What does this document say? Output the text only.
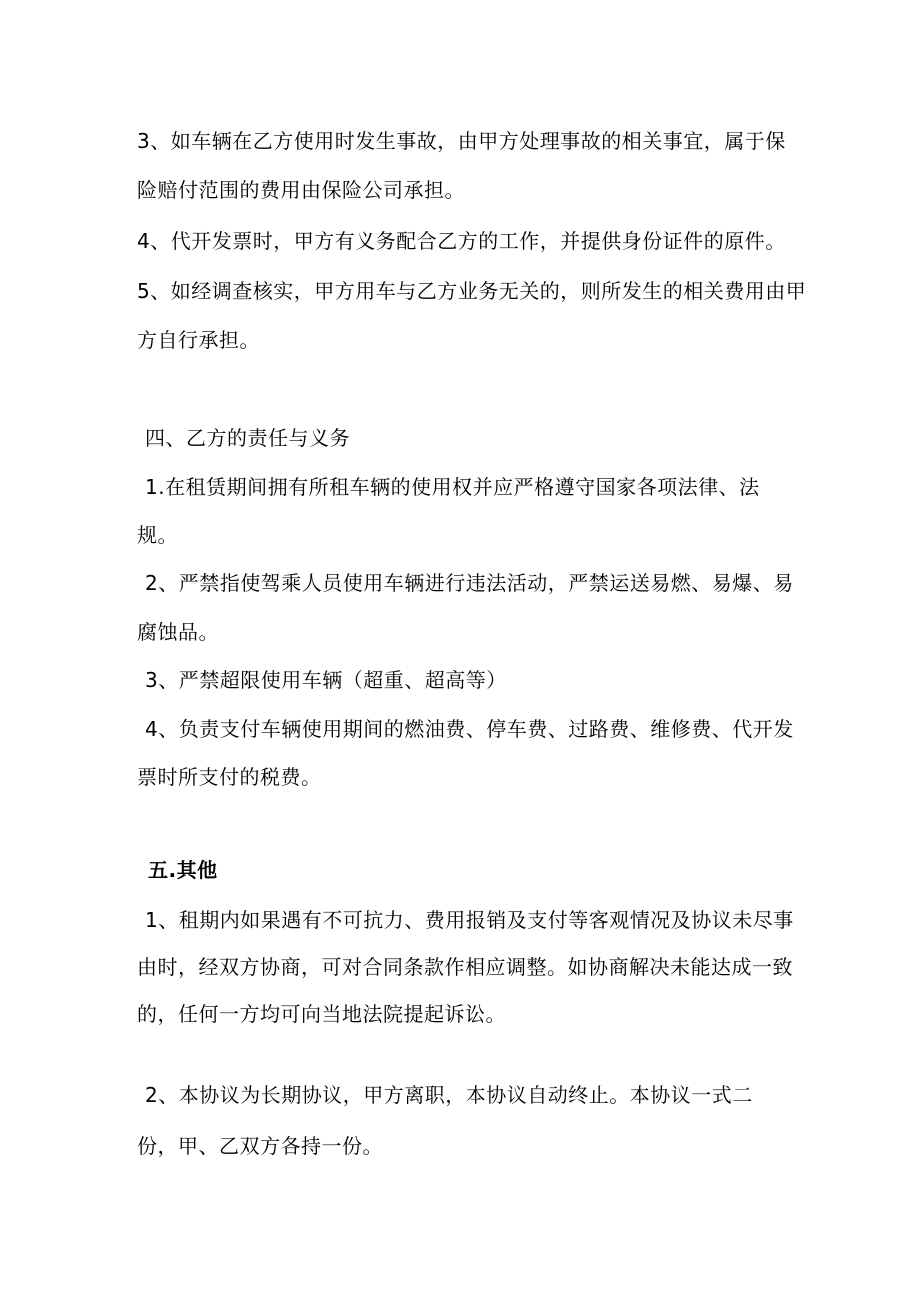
3、如车辆在乙方使用时发生事故，由甲方处理事故的相关事宜，属于保
险赔付范围的费用由保险公司承担。
4、代开发票时，甲方有义务配合乙方的工作，并提供身份证件的原件。
5、如经调查核实，甲方用车与乙方业务无关的，则所发生的相关费用由甲
方自行承担。
四、乙方的责任与义务
1.在租赁期间拥有所租车辆的使用权并应严格遵守国家各项法律、法
规。
2、严禁指使驾乘人员使用车辆进行违法活动，严禁运送易燃、易爆、易
腐蚀品。
3、严禁超限使用车辆（超重、超高等）
4、负责支付车辆使用期间的燃油费、停车费、过路费、维修费、代开发
票时所支付的税费。
五.其他
1、租期内如果遇有不可抗力、费用报销及支付等客观情况及协议未尽事
由时，经双方协商，可对合同条款作相应调整。如协商解决未能达成一致
的，任何一方均可向当地法院提起诉讼。
2、本协议为长期协议，甲方离职，本协议自动终止。本协议一式二
份，甲、乙双方各持一份。
